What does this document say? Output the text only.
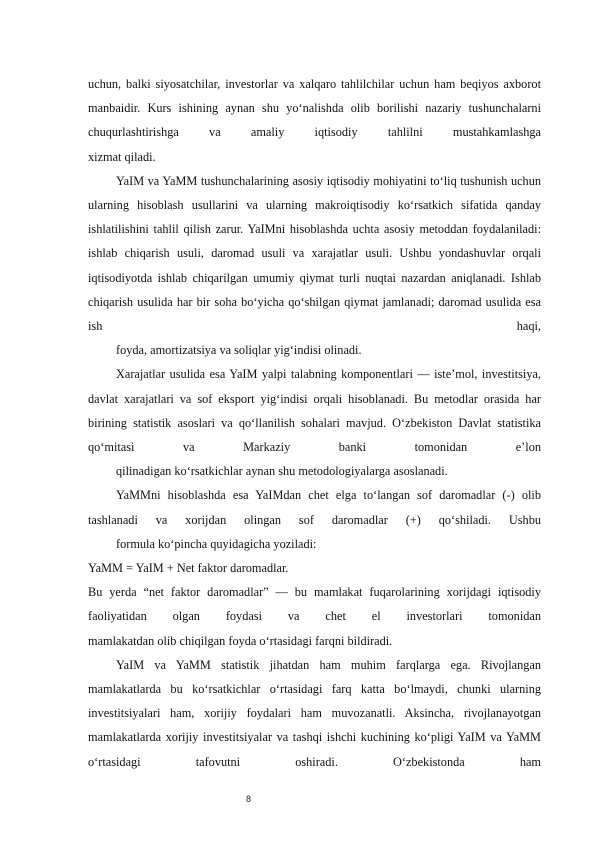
uchun, balki siyosatchilar, investorlar va xalqaro tahlilchilar uchun ham beqiyos axborot manbaidir. Kurs ishining aynan shu yo‘nalishda olib borilishi nazariy tushunchalarni chuqurlashtirishga va amaliy iqtisodiy tahlilni mustahkamlashga
xizmat qiladi.

YaIM va YaMM tushunchalarining asosiy iqtisodiy mohiyatini to‘liq tushunish uchun ularning hisoblash usullarini va ularning makroiqtisodiy ko‘rsatkich sifatida qanday ishlatilishini tahlil qilish zarur. YaIMni hisoblashda uchta asosiy metoddan foydalaniladi: ishlab chiqarish usuli, daromad usuli va xarajatlar usuli. Ushbu yondashuvlar orqali iqtisodiyotda ishlab chiqarilgan umumiy qiymat turli nuqtai nazardan aniqlanadi. Ishlab chiqarish usulida har bir soha bo‘yicha qo‘shilgan qiymat jamlanadi; daromad usulida esa ish haqi,
foyda, amortizatsiya va soliqlar yig‘indisi olinadi.

Xarajatlar usulida esa YaIM yalpi talabning komponentlari — iste’mol, investitsiya, davlat xarajatlari va sof eksport yig‘indisi orqali hisoblanadi. Bu metodlar orasida har birining statistik asoslari va qo‘llanilish sohalari mavjud. O‘zbekiston Davlat statistika qo‘mitasi va Markaziy banki tomonidan e’lon
qilinadigan ko‘rsatkichlar aynan shu metodologiyalarga asoslanadi.

YaMMni hisoblashda esa YaIMdan chet elga to‘langan sof daromadlar (-) olib tashlanadi va xorijdan olingan sof daromadlar (+) qo‘shiladi. Ushbu
formula ko‘pincha quyidagicha yoziladi:

YaMM = YaIM + Net faktor daromadlar.

Bu yerda “net faktor daromadlar” — bu mamlakat fuqarolarining xorijdagi iqtisodiy faoliyatidan olgan foydasi va chet el investorlari tomonidan
mamlakatdan olib chiqilgan foyda o‘rtasidagi farqni bildiradi.

YaIM va YaMM statistik jihatdan ham muhim farqlarga ega. Rivojlangan mamlakatlarda bu ko‘rsatkichlar o‘rtasidagi farq katta bo‘lmaydi, chunki ularning investitsiyalari ham, xorijiy foydalari ham muvozanatli. Aksincha, rivojlanayotgan mamlakatlarda xorijiy investitsiyalar va tashqi ishchi kuchining ko‘pligi YaIM va YaMM o‘rtasidagi tafovutni oshiradi. O‘zbekistonda ham

8
